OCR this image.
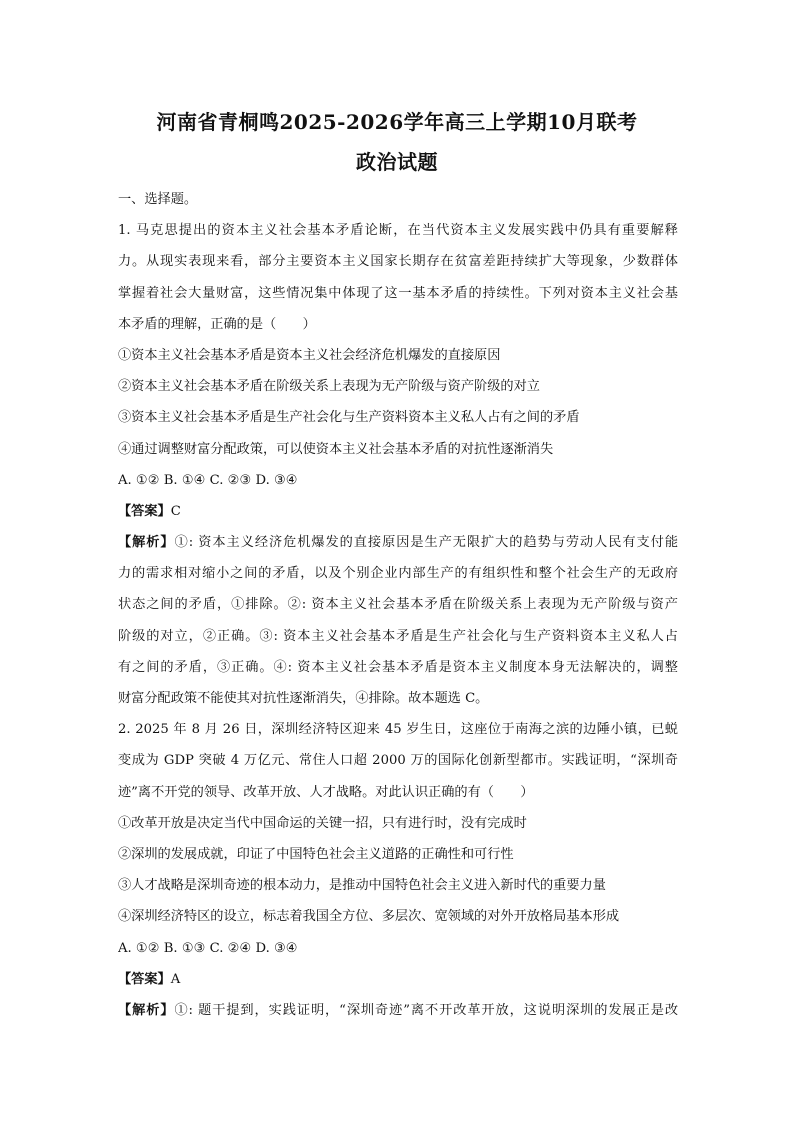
河南省青桐鸣2025-2026学年高三上学期10月联考
政治试题
一、选择题。
1. 马克思提出的资本主义社会基本矛盾论断，在当代资本主义发展实践中仍具有重要解释
力。从现实表现来看，部分主要资本主义国家长期存在贫富差距持续扩大等现象，少数群体
掌握着社会大量财富，这些情况集中体现了这一基本矛盾的持续性。下列对资本主义社会基
本矛盾的理解，正确的是（　　）
①资本主义社会基本矛盾是资本主义社会经济危机爆发的直接原因
②资本主义社会基本矛盾在阶级关系上表现为无产阶级与资产阶级的对立
③资本主义社会基本矛盾是生产社会化与生产资料资本主义私人占有之间的矛盾
④通过调整财富分配政策，可以使资本主义社会基本矛盾的对抗性逐渐消失
A. ①② B. ①④ C. ②③ D. ③④
【答案】C
【解析】①: 资本主义经济危机爆发的直接原因是生产无限扩大的趋势与劳动人民有支付能
力的需求相对缩小之间的矛盾，以及个别企业内部生产的有组织性和整个社会生产的无政府
状态之间的矛盾，①排除。②: 资本主义社会基本矛盾在阶级关系上表现为无产阶级与资产
阶级的对立，②正确。③: 资本主义社会基本矛盾是生产社会化与生产资料资本主义私人占
有之间的矛盾，③正确。④: 资本主义社会基本矛盾是资本主义制度本身无法解决的，调整
财富分配政策不能使其对抗性逐渐消失，④排除。故本题选 C。
2. 2025 年 8 月 26 日，深圳经济特区迎来 45 岁生日，这座位于南海之滨的边陲小镇，已蜕
变成为 GDP 突破 4 万亿元、常住人口超 2000 万的国际化创新型都市。实践证明，“深圳奇
迹”离不开党的领导、改革开放、人才战略。对此认识正确的有（　　）
①改革开放是决定当代中国命运的关键一招，只有进行时，没有完成时
②深圳的发展成就，印证了中国特色社会主义道路的正确性和可行性
③人才战略是深圳奇迹的根本动力，是推动中国特色社会主义进入新时代的重要力量
④深圳经济特区的设立，标志着我国全方位、多层次、宽领域的对外开放格局基本形成
A. ①② B. ①③ C. ②④ D. ③④
【答案】A
【解析】①: 题干提到，实践证明，“深圳奇迹”离不开改革开放，这说明深圳的发展正是改
